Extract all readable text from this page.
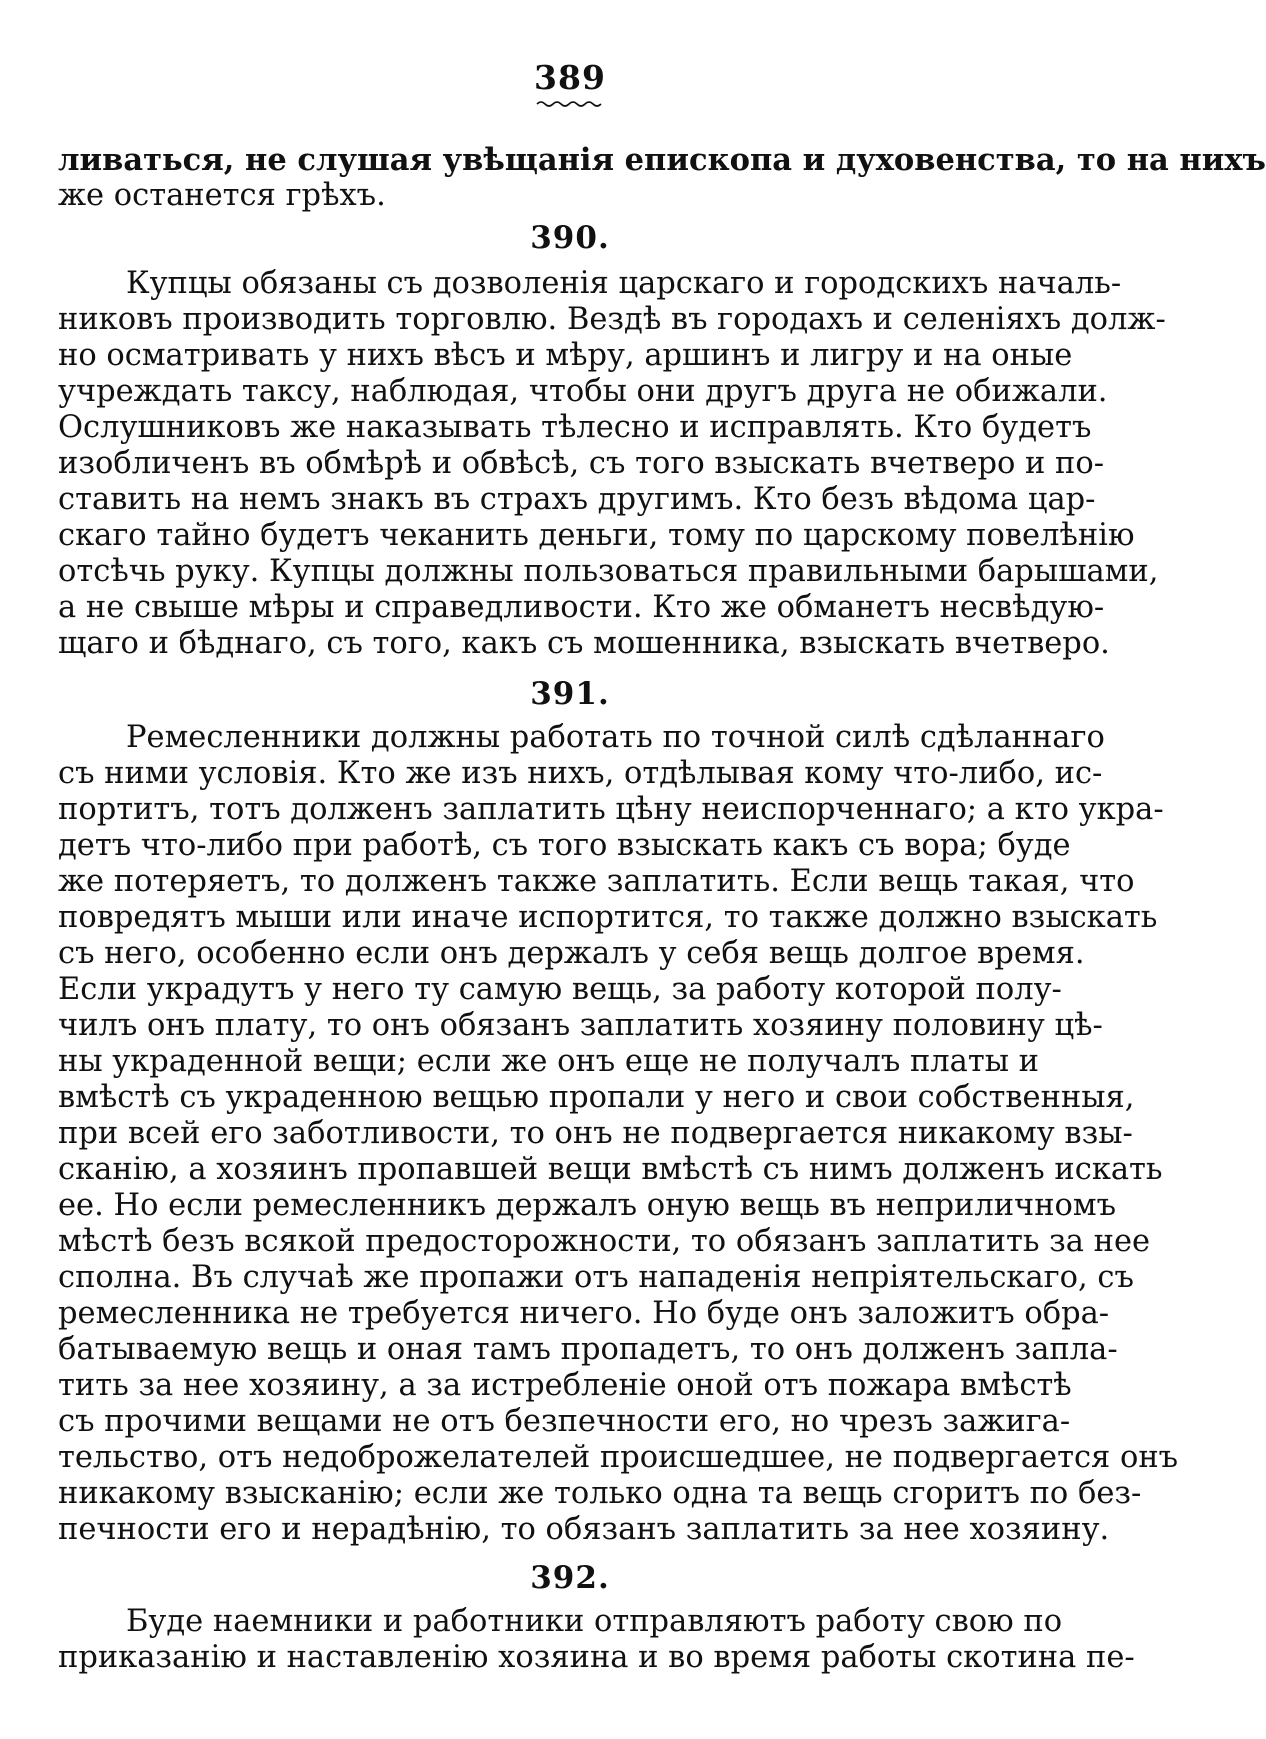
389
ливаться, не слушая увѣщанія епископа и духовенства, то на нихъ
же останется грѣхъ.
390.
Купцы обязаны съ дозволенія царскаго и городскихъ началь-
никовъ производить торговлю. Вездѣ въ городахъ и селеніяхъ долж-
но осматривать у нихъ вѣсъ и мѣру, аршинъ и лигру и на оные
учреждать таксу, наблюдая, чтобы они другъ друга не обижали.
Ослушниковъ же наказывать тѣлесно и исправлять. Кто будетъ
изобличенъ въ обмѣрѣ и обвѣсѣ, съ того взыскать вчетверо и по-
ставить на немъ знакъ въ страхъ другимъ. Кто безъ вѣдома цар-
скаго тайно будетъ чеканить деньги, тому по царскому повелѣнію
отсѣчь руку. Купцы должны пользоваться правильными барышами,
а не свыше мѣры и справедливости. Кто же обманетъ несвѣдую-
щаго и бѣднаго, съ того, какъ съ мошенника, взыскать вчетверо.
391.
Ремесленники должны работать по точной силѣ сдѣланнаго
съ ними условія. Кто же изъ нихъ, отдѣлывая кому что-либо, ис-
портитъ, тотъ долженъ заплатить цѣну неиспорченнаго; а кто укра-
детъ что-либо при работѣ, съ того взыскать какъ съ вора; буде
же потеряетъ, то долженъ также заплатить. Если вещь такая, что
повредятъ мыши или иначе испортится, то также должно взыскать
съ него, особенно если онъ держалъ у себя вещь долгое время.
Если украдутъ у него ту самую вещь, за работу которой полу-
чилъ онъ плату, то онъ обязанъ заплатить хозяину половину цѣ-
ны украденной вещи; если же онъ еще не получалъ платы и
вмѣстѣ съ украденною вещью пропали у него и свои собственныя,
при всей его заботливости, то онъ не подвергается никакому взы-
сканію, а хозяинъ пропавшей вещи вмѣстѣ съ нимъ долженъ искать
ее. Но если ремесленникъ держалъ оную вещь въ неприличномъ
мѣстѣ безъ всякой предосторожности, то обязанъ заплатить за нее
сполна. Въ случаѣ же пропажи отъ нападенія непріятельскаго, съ
ремесленника не требуется ничего. Но буде онъ заложитъ обра-
батываемую вещь и оная тамъ пропадетъ, то онъ долженъ запла-
тить за нее хозяину, а за истребленіе оной отъ пожара вмѣстѣ
съ прочими вещами не отъ безпечности его, но чрезъ зажига-
тельство, отъ недоброжелателей происшедшее, не подвергается онъ
никакому взысканію; если же только одна та вещь сгоритъ по без-
печности его и нерадѣнію, то обязанъ заплатить за нее хозяину.
392.
Буде наемники и работники отправляютъ работу свою по
приказанію и наставленію хозяина и во время работы скотина пе-
